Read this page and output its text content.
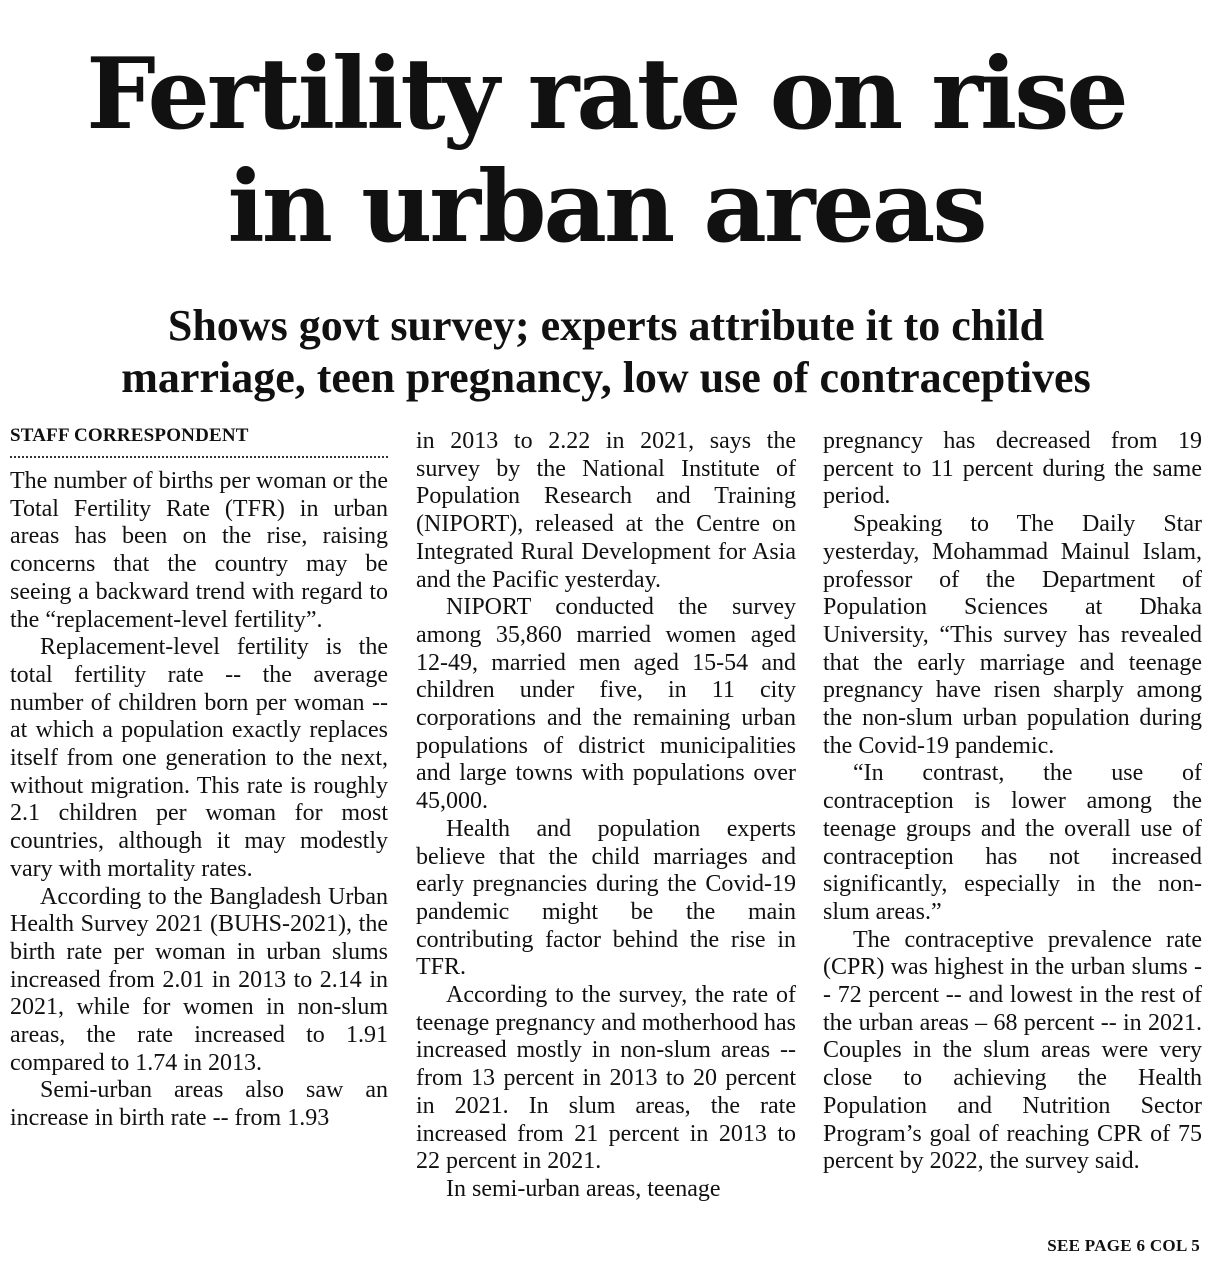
Fertility rate on rise
in urban areas
Shows govt survey; experts attribute it to child
marriage, teen pregnancy, low use of contraceptives
STAFF CORRESPONDENT

The number of births per woman or the Total Fertility Rate (TFR) in urban areas has been on the rise, raising concerns that the country may be seeing a backward trend with regard to the “replacement-level fertility”.

Replacement-level fertility is the total fertility rate -- the average number of children born per woman -- at which a population exactly replaces itself from one generation to the next, without migration. This rate is roughly 2.1 children per woman for most countries, although it may modestly vary with mortality rates.

According to the Bangladesh Urban Health Survey 2021 (BUHS-2021), the birth rate per woman in urban slums increased from 2.01 in 2013 to 2.14 in 2021, while for women in non-slum areas, the rate increased to 1.91 compared to 1.74 in 2013.

Semi-urban areas also saw an increase in birth rate -- from 1.93

in 2013 to 2.22 in 2021, says the survey by the National Institute of Population Research and Training (NIPORT), released at the Centre on Integrated Rural Development for Asia and the Pacific yesterday.

NIPORT conducted the survey among 35,860 married women aged 12-49, married men aged 15-54 and children under five, in 11 city corporations and the remaining urban populations of district municipalities and large towns with populations over 45,000.

Health and population experts believe that the child marriages and early pregnancies during the Covid-19 pandemic might be the main contributing factor behind the rise in TFR.

According to the survey, the rate of teenage pregnancy and motherhood has increased mostly in non-slum areas -- from 13 percent in 2013 to 20 percent in 2021. In slum areas, the rate increased from 21 percent in 2013 to 22 percent in 2021.

In semi-urban areas, teenage

pregnancy has decreased from 19 percent to 11 percent during the same period.

Speaking to The Daily Star yesterday, Mohammad Mainul Islam, professor of the Department of Population Sciences at Dhaka University, “This survey has revealed that the early marriage and teenage pregnancy have risen sharply among the non-slum urban population during the Covid-19 pandemic.

“In contrast, the use of contraception is lower among the teenage groups and the overall use of contraception has not increased significantly, especially in the non-slum areas.”

The contraceptive prevalence rate (CPR) was highest in the urban slums -- 72 percent -- and lowest in the rest of the urban areas – 68 percent -- in 2021. Couples in the slum areas were very close to achieving the Health Population and Nutrition Sector Program’s goal of reaching CPR of 75 percent by 2022, the survey said.

SEE PAGE 6 COL 5
